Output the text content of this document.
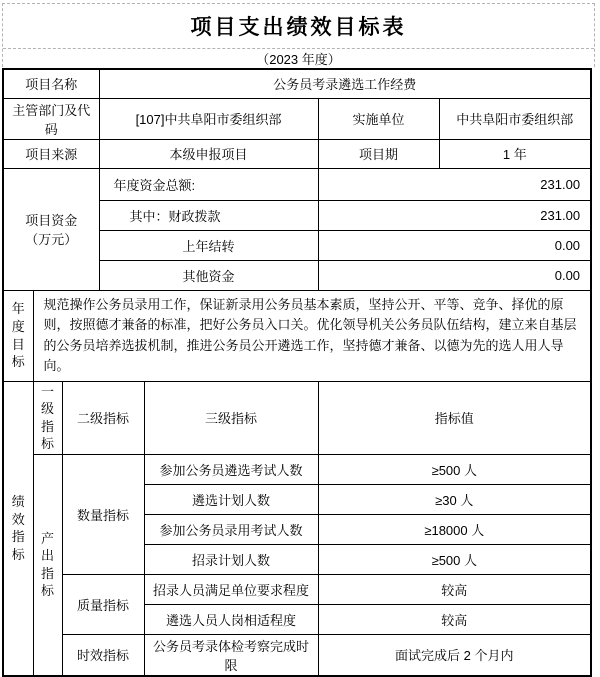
项目支出绩效目标表
（2023 年度）
项目名称			公务员考录遴选工作经费			
主管部门及代码			[107]中共阜阳市委组织部		实施单位	中共阜阳市委组织部
项目来源			本级申报项目		项目期	1 年

项目资金
（万元）			年度资金总额:		231.00	
			其中：财政拨款		231.00	
			上年结转		0.00	
			其他资金		0.00	

年度目标	规范操作公务员录用工作，保证新录用公务员基本素质，坚持公开、平等、竞争、择优的原则，按照德才兼备的标准，把好公务员入口关。优化领导机关公务员队伍结构，建立来自基层的公务员培养选拔机制，推进公务员公开遴选工作，坚持德才兼备、以德为先的选人用人导向。					

绩效指标	一级指标	二级指标		三级指标	指标值	

	产出指标	数量指标		参加公务员遴选考试人数	≥500 人	
				遴选计划人数	≥30 人	
				参加公务员录用考试人数	≥18000 人	
				招录计划人数	≥500 人	
		质量指标		招录人员满足单位要求程度	较高	
				遴选人员人岗相适程度	较高	
		时效指标		公务员考录体检考察完成时限	面试完成后 2 个月内	
